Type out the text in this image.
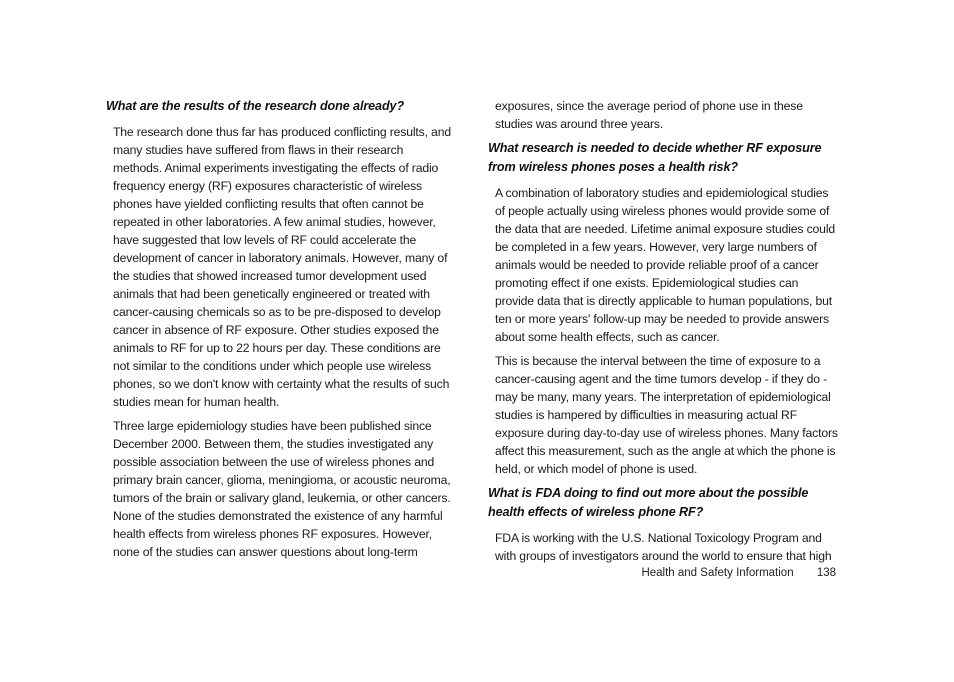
What are the results of the research done already?

The research done thus far has produced conflicting results, and many studies have suffered from flaws in their research methods. Animal experiments investigating the effects of radio frequency energy (RF) exposures characteristic of wireless phones have yielded conflicting results that often cannot be repeated in other laboratories. A few animal studies, however, have suggested that low levels of RF could accelerate the development of cancer in laboratory animals. However, many of the studies that showed increased tumor development used animals that had been genetically engineered or treated with cancer-causing chemicals so as to be pre-disposed to develop cancer in absence of RF exposure. Other studies exposed the animals to RF for up to 22 hours per day. These conditions are not similar to the conditions under which people use wireless phones, so we don't know with certainty what the results of such studies mean for human health.

Three large epidemiology studies have been published since December 2000. Between them, the studies investigated any possible association between the use of wireless phones and primary brain cancer, glioma, meningioma, or acoustic neuroma, tumors of the brain or salivary gland, leukemia, or other cancers. None of the studies demonstrated the existence of any harmful health effects from wireless phones RF exposures. However, none of the studies can answer questions about long-term

exposures, since the average period of phone use in these studies was around three years.

What research is needed to decide whether RF exposure from wireless phones poses a health risk?

A combination of laboratory studies and epidemiological studies of people actually using wireless phones would provide some of the data that are needed. Lifetime animal exposure studies could be completed in a few years. However, very large numbers of animals would be needed to provide reliable proof of a cancer promoting effect if one exists. Epidemiological studies can provide data that is directly applicable to human populations, but ten or more years' follow-up may be needed to provide answers about some health effects, such as cancer.

This is because the interval between the time of exposure to a cancer-causing agent and the time tumors develop - if they do - may be many, many years. The interpretation of epidemiological studies is hampered by difficulties in measuring actual RF exposure during day-to-day use of wireless phones. Many factors affect this measurement, such as the angle at which the phone is held, or which model of phone is used.

What is FDA doing to find out more about the possible health effects of wireless phone RF?

FDA is working with the U.S. National Toxicology Program and with groups of investigators around the world to ensure that high

Health and Safety Information 138
